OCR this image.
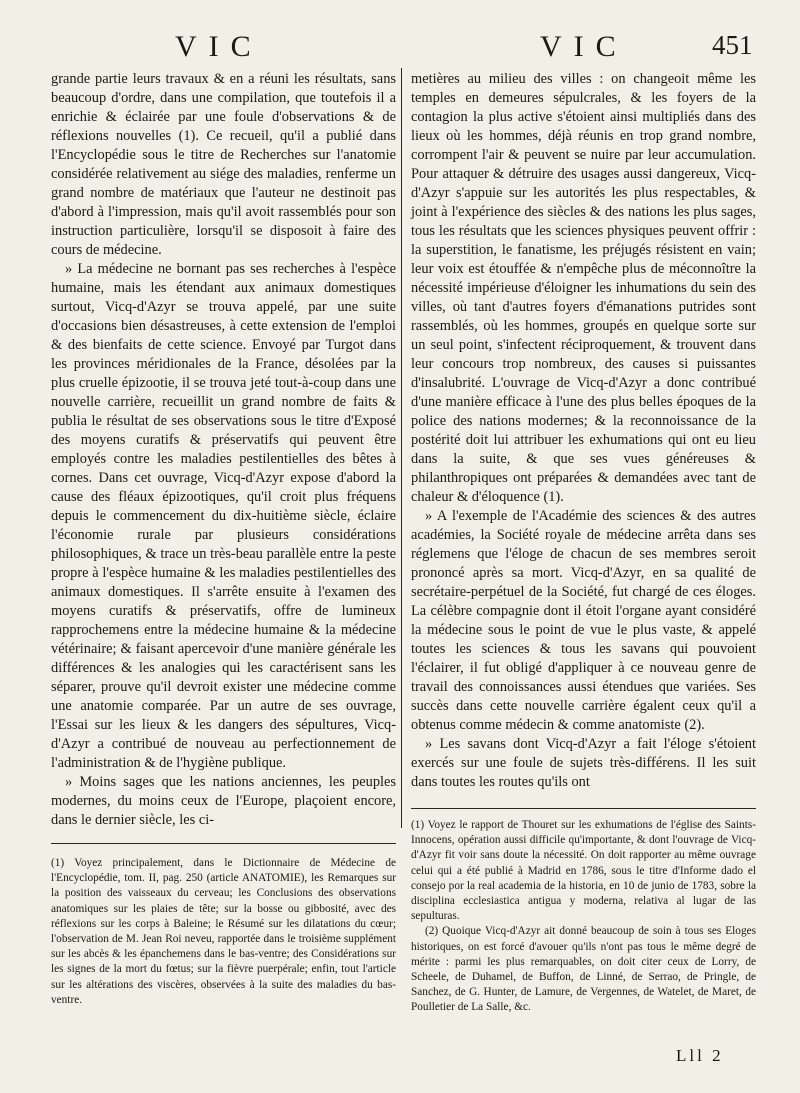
VIC	VIC	451

grande partie leurs travaux & en a réuni les résultats, sans beaucoup d'ordre, dans une compilation, que toutefois il a enrichie & éclairée par une foule d'observations & de réflexions nouvelles (1). Ce recueil, qu'il a publié dans l'Encyclopédie sous le titre de Recherches sur l'anatomie considérée relativement au siége des maladies, renferme un grand nombre de matériaux que l'auteur ne destinoit pas d'abord à l'impression, mais qu'il avoit rassemblés pour son instruction particulière, lorsqu'il se disposoit à faire des cours de médecine.

» La médecine ne bornant pas ses recherches à l'espèce humaine, mais les étendant aux animaux domestiques surtout, Vicq-d'Azyr se trouva appelé, par une suite d'occasions bien désastreuses, à cette extension de l'emploi & des bienfaits de cette science. Envoyé par Turgot dans les provinces méridionales de la France, désolées par la plus cruelle épizootie, il se trouva jeté tout-à-coup dans une nouvelle carrière, recueillit un grand nombre de faits & publia le résultat de ses observations sous le titre d'Exposé des moyens curatifs & préservatifs qui peuvent être employés contre les maladies pestilentielles des bêtes à cornes. Dans cet ouvrage, Vicq-d'Azyr expose d'abord la cause des fléaux épizootiques, qu'il croit plus fréquens depuis le commencement du dix-huitième siècle, éclaire l'économie rurale par plusieurs considérations philosophiques, & trace un très-beau parallèle entre la peste propre à l'espèce humaine & les maladies pestilentielles des animaux domestiques. Il s'arrête ensuite à l'examen des moyens curatifs & préservatifs, offre de lumineux rapprochemens entre la médecine humaine & la médecine vétérinaire; & faisant apercevoir d'une manière générale les différences & les analogies qui les caractérisent sans les séparer, prouve qu'il devroit exister une médecine comme une anatomie comparée. Par un autre de ses ouvrage, l'Essai sur les lieux & les dangers des sépultures, Vicq-d'Azyr a contribué de nouveau au perfectionnement de l'administration & de l'hygiène publique.

» Moins sages que les nations anciennes, les peuples modernes, du moins ceux de l'Europe, plaçoient encore, dans le dernier siècle, les ci-

metières au milieu des villes : on changeoit même les temples en demeures sépulcrales, & les foyers de la contagion la plus active s'étoient ainsi multipliés dans des lieux où les hommes, déjà réunis en trop grand nombre, corrompent l'air & peuvent se nuire par leur accumulation. Pour attaquer & détruire des usages aussi dangereux, Vicq-d'Azyr s'appuie sur les autorités les plus respectables, & joint à l'expérience des siècles & des nations les plus sages, tous les résultats que les sciences physiques peuvent offrir : la superstition, le fanatisme, les préjugés résistent en vain; leur voix est étouffée & n'empêche plus de méconnoître la nécessité impérieuse d'éloigner les inhumations du sein des villes, où tant d'autres foyers d'émanations putrides sont rassemblés, où les hommes, groupés en quelque sorte sur un seul point, s'infectent réciproquement, & trouvent dans leur concours trop nombreux, des causes si puissantes d'insalubrité. L'ouvrage de Vicq-d'Azyr a donc contribué d'une manière efficace à l'une des plus belles époques de la police des nations modernes; & la reconnoissance de la postérité doit lui attribuer les exhumations qui ont eu lieu dans la suite, & que ses vues généreuses & philanthropiques ont préparées & demandées avec tant de chaleur & d'éloquence (1).

» A l'exemple de l'Académie des sciences & des autres académies, la Société royale de médecine arrêta dans ses réglemens que l'éloge de chacun de ses membres seroit prononcé après sa mort. Vicq-d'Azyr, en sa qualité de secrétaire-perpétuel de la Société, fut chargé de ces éloges. La célèbre compagnie dont il étoit l'organe ayant considéré la médecine sous le point de vue le plus vaste, & appelé toutes les sciences & tous les savans qui pouvoient l'éclairer, il fut obligé d'appliquer à ce nouveau genre de travail des connoissances aussi étendues que variées. Ses succès dans cette nouvelle carrière égalent ceux qu'il a obtenus comme médecin & comme anatomiste (2).

» Les savans dont Vicq-d'Azyr a fait l'éloge s'étoient exercés sur une foule de sujets très-différens. Il les suit dans toutes les routes qu'ils ont

(1) Voyez principalement, dans le Dictionnaire de Médecine de l'Encyclopédie, tom. II, pag. 250 (article ANATOMIE), les Remarques sur la position des vaisseaux du cerveau; les Conclusions des observations anatomiques sur les plaies de tête; sur la bosse ou gibbosité, avec des réflexions sur les corps à Baleine; le Résumé sur les dilatations du cœur; l'observation de M. Jean Roi neveu, rapportée dans le troisième supplément sur les abcès & les épanchemens dans le bas-ventre; des Considérations sur les signes de la mort du fœtus; sur la fièvre puerpérale; enfin, tout l'article sur les altérations des viscères, observées à la suite des maladies du bas-ventre.

(1) Voyez le rapport de Thouret sur les exhumations de l'église des Saints-Innocens, opération aussi difficile qu'importante, & dont l'ouvrage de Vicq-d'Azyr fit voir sans doute la nécessité. On doit rapporter au même ouvrage celui qui a été publié à Madrid en 1786, sous le titre d'Informe dado el consejo por la real academia de la historia, en 10 de junio de 1783, sobre la disciplina ecclesiastica antigua y moderna, relativa al lugar de las sepulturas.

(2) Quoique Vicq-d'Azyr ait donné beaucoup de soin à tous ses Eloges historiques, on est forcé d'avouer qu'ils n'ont pas tous le même degré de mérite : parmi les plus remarquables, on doit citer ceux de Lorry, de Scheele, de Duhamel, de Buffon, de Linné, de Serrao, de Pringle, de Sanchez, de G. Hunter, de Lamure, de Vergennes, de Watelet, de Maret, de Poulletier de La Salle, &c.

Lll 2
